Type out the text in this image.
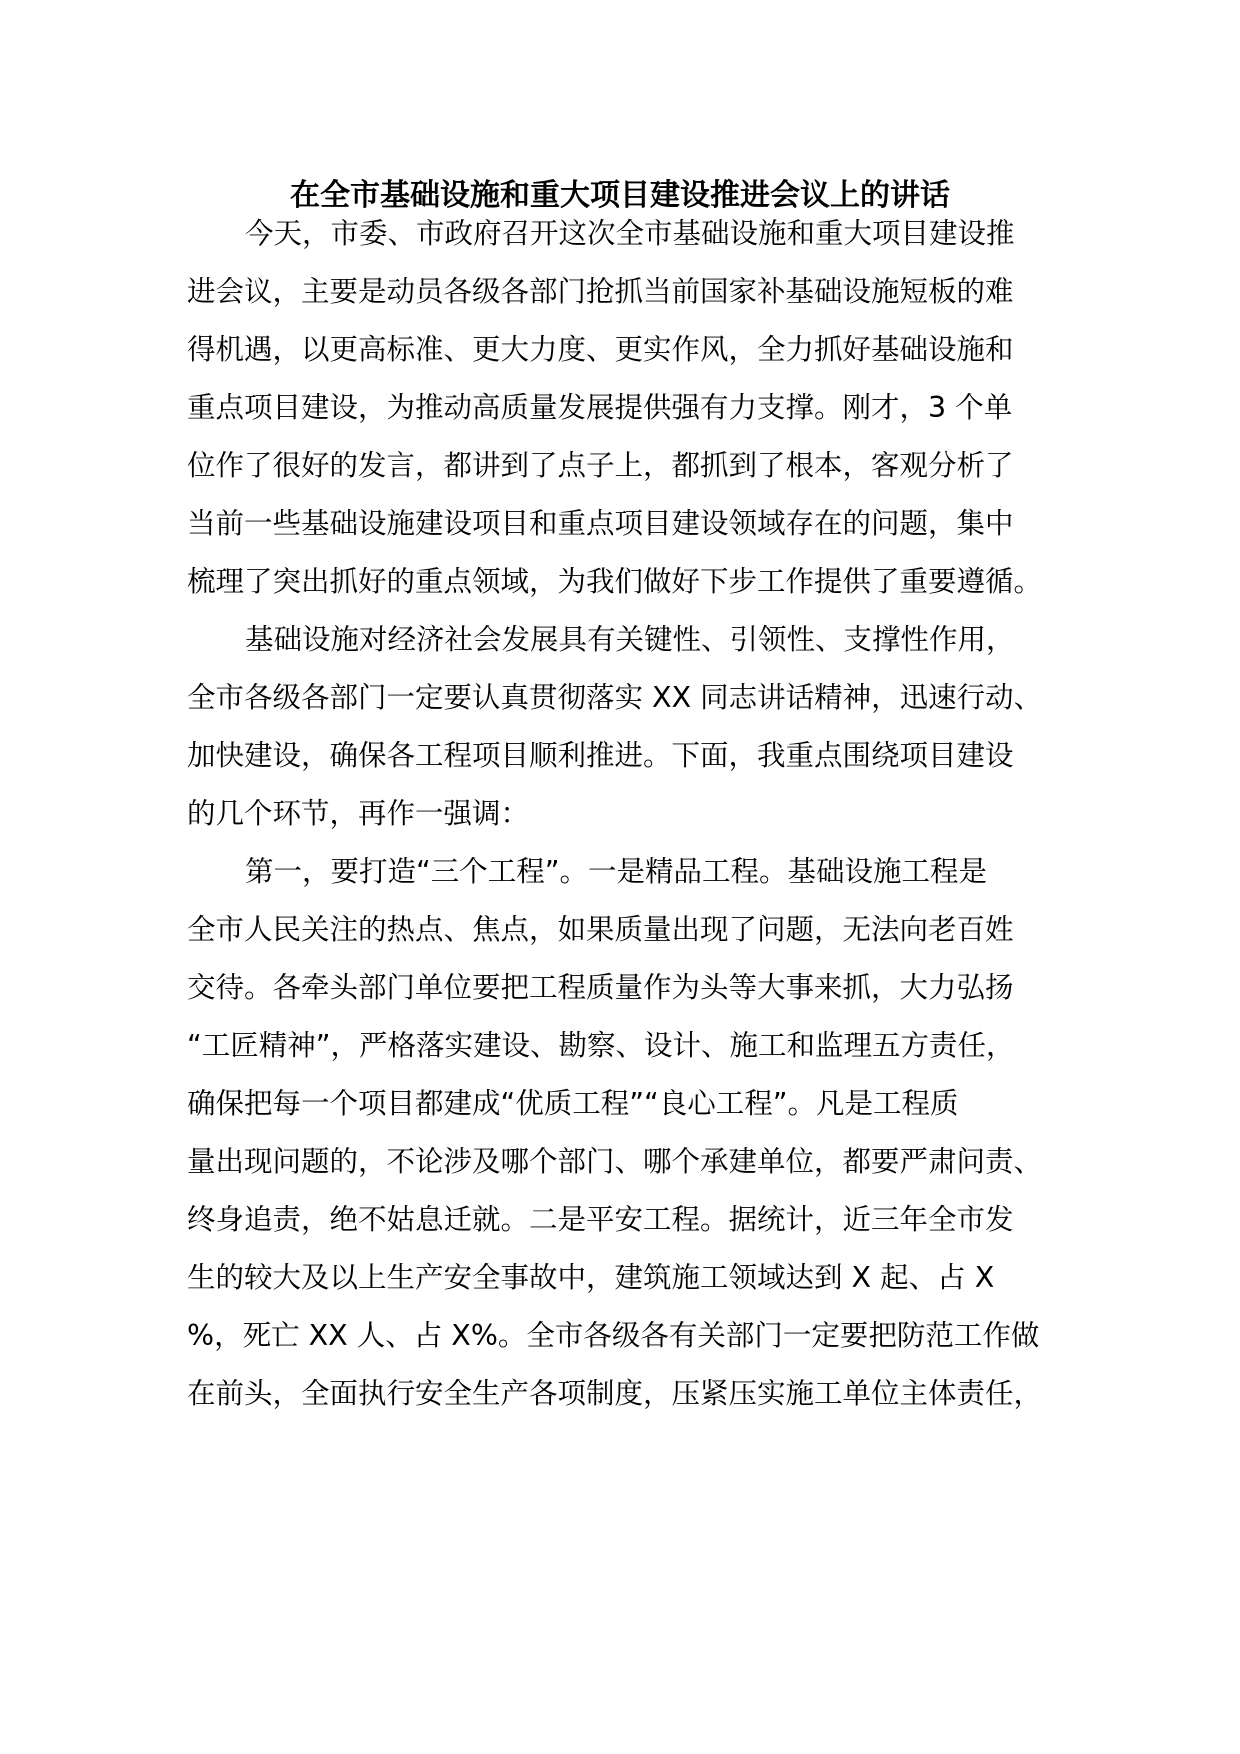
在全市基础设施和重大项目建设推进会议上的讲话
今天，市委、市政府召开这次全市基础设施和重大项目建设推
进会议，主要是动员各级各部门抢抓当前国家补基础设施短板的难
得机遇，以更高标准、更大力度、更实作风，全力抓好基础设施和
重点项目建设，为推动高质量发展提供强有力支撑。刚才，3 个单
位作了很好的发言，都讲到了点子上，都抓到了根本，客观分析了
当前一些基础设施建设项目和重点项目建设领域存在的问题，集中
梳理了突出抓好的重点领域，为我们做好下步工作提供了重要遵循。
基础设施对经济社会发展具有关键性、引领性、支撑性作用，
全市各级各部门一定要认真贯彻落实 XX 同志讲话精神，迅速行动、
加快建设，确保各工程项目顺利推进。下面，我重点围绕项目建设
的几个环节，再作一强调：
第一，要打造“三个工程”。一是精品工程。基础设施工程是
全市人民关注的热点、焦点，如果质量出现了问题，无法向老百姓
交待。各牵头部门单位要把工程质量作为头等大事来抓，大力弘扬
“工匠精神”，严格落实建设、勘察、设计、施工和监理五方责任，
确保把每一个项目都建成“优质工程”“良心工程”。凡是工程质
量出现问题的，不论涉及哪个部门、哪个承建单位，都要严肃问责、
终身追责，绝不姑息迁就。二是平安工程。据统计，近三年全市发
生的较大及以上生产安全事故中，建筑施工领域达到 X 起、占 X
%，死亡 XX 人、占 X%。全市各级各有关部门一定要把防范工作做
在前头，全面执行安全生产各项制度，压紧压实施工单位主体责任，
